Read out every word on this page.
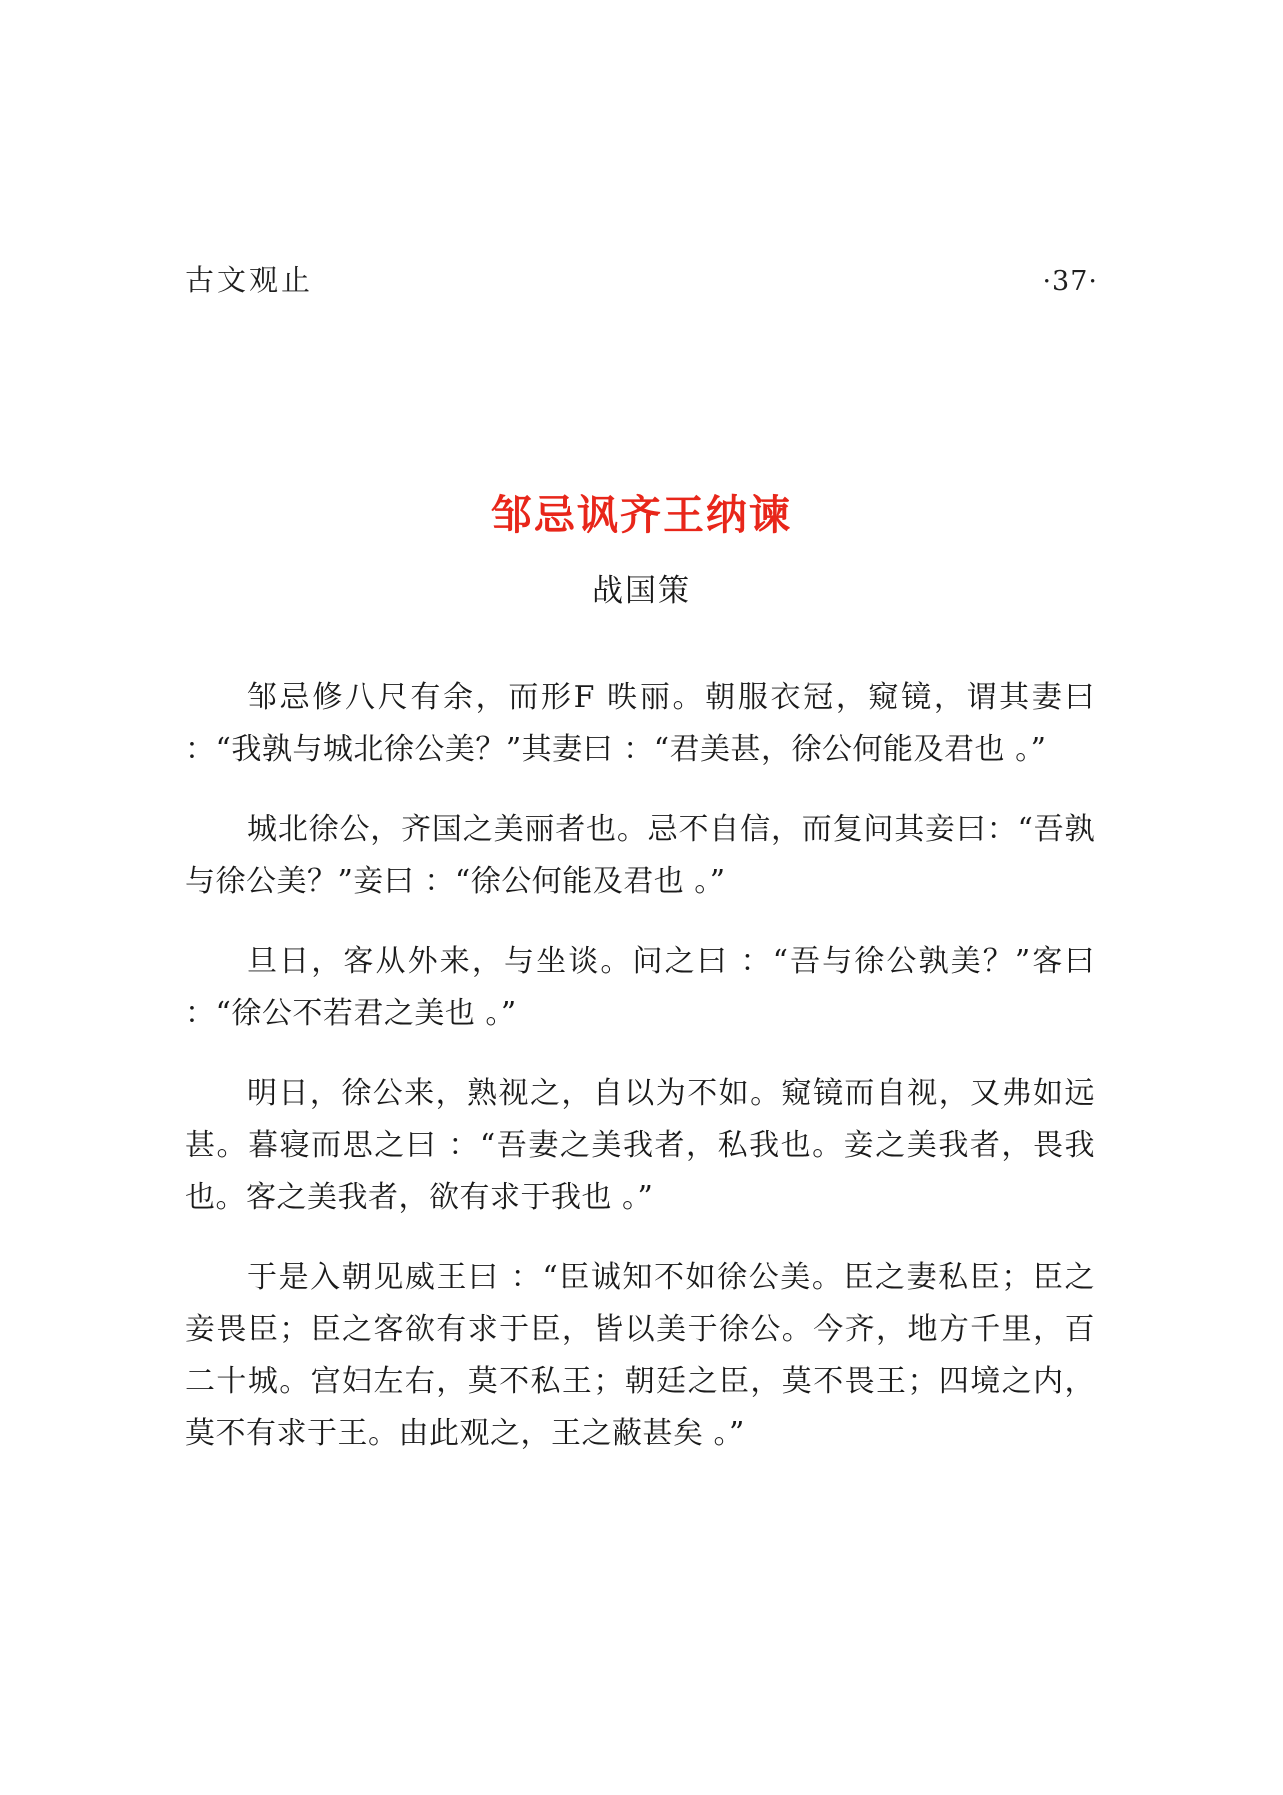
古文观止	·37·
邹忌讽齐王纳谏
战国策

邹忌修八尺有余，而形F 昳丽。朝服衣冠，窥镜，谓其妻曰 ：“我孰与城北徐公美？”其妻曰 ：“君美甚，徐公何能及君也 。”

城北徐公，齐国之美丽者也。忌不自信，而复问其妾曰：“吾孰与徐公美？”妾曰 ：“徐公何能及君也 。”

旦日，客从外来，与坐谈。问之曰 ：“吾与徐公孰美？”客曰 ：“徐公不若君之美也 。”

明日，徐公来，熟视之，自以为不如。窥镜而自视，又弗如远甚。暮寝而思之曰 ：“吾妻之美我者，私我也。妾之美我者，畏我也。客之美我者，欲有求于我也 。”

于是入朝见威王曰 ：“臣诚知不如徐公美。臣之妻私臣；臣之妾畏臣；臣之客欲有求于臣，皆以美于徐公。今齐，地方千里，百二十城。宫妇左右，莫不私王；朝廷之臣，莫不畏王；四境之内，莫不有求于王。由此观之，王之蔽甚矣 。”
